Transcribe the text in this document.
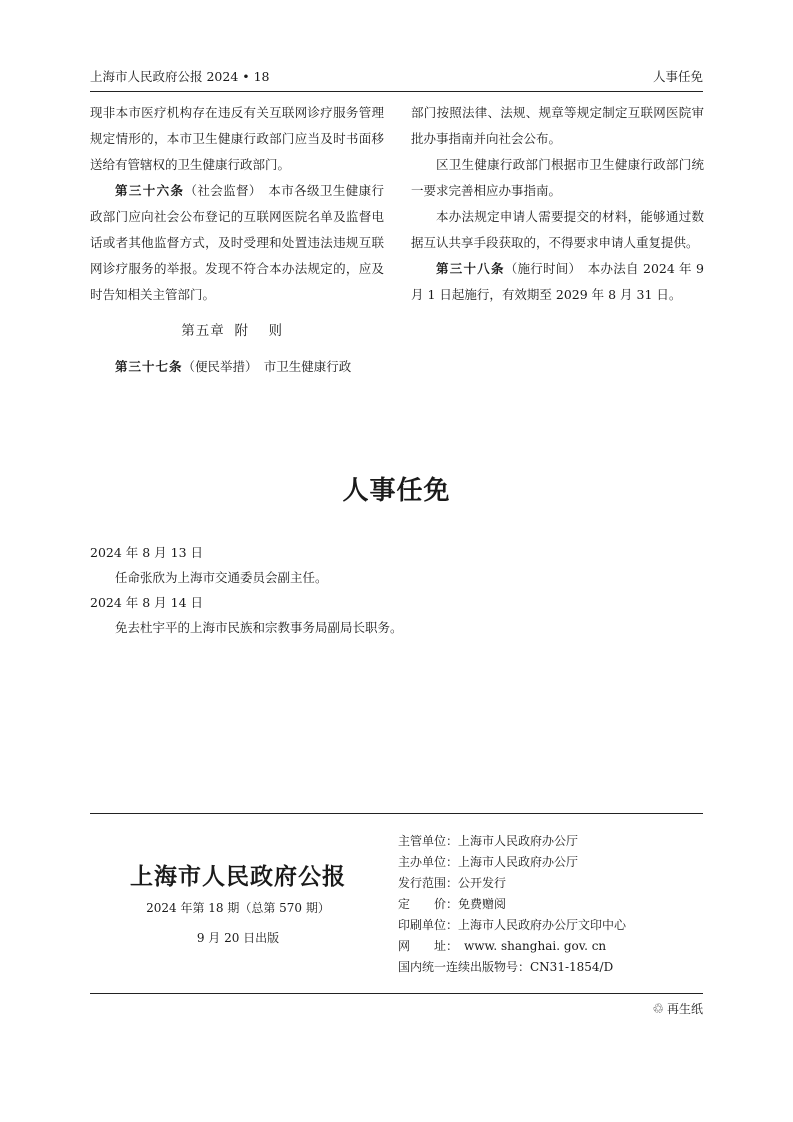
上海市人民政府公报 2024 • 18	人事任免

现非本市医疗机构存在违反有关互联网诊疗服务管理规定情形的，本市卫生健康行政部门应当及时书面移送给有管辖权的卫生健康行政部门。

第三十六条（社会监督）　 本市各级卫生健康行政部门应向社会公布登记的互联网医院名单及监督电话或者其他监督方式，及时受理和处置违法违规互联网诊疗服务的举报。发现不符合本办法规定的，应及时告知相关主管部门。

第五章 附 则

第三十七条（便民举措）　 市卫生健康行政

部门按照法律、法规、规章等规定制定互联网医院审批办事指南并向社会公布。

区卫生健康行政部门根据市卫生健康行政部门统一要求完善相应办事指南。

本办法规定申请人需要提交的材料，能够通过数据互认共享手段获取的，不得要求申请人重复提供。

第三十八条（施行时间）　 本办法自 2024 年 9 月 1 日起施行，有效期至 2029 年 8 月 31 日。

人事任免

2024 年 8 月 13 日

任命张欣为上海市交通委员会副主任。

2024 年 8 月 14 日

免去杜宇平的上海市民族和宗教事务局副局长职务。

上海市人民政府公报
2024 年第 18 期（总第 570 期）
9 月 20 日出版
主管单位：上海市人民政府办公厅
主办单位：上海市人民政府办公厅
发行范围：公开发行
定　　价：免费赠阅
印刷单位：上海市人民政府办公厅文印中心
网　　址：　www. shanghai. gov. cn
国内统一连续出版物号：CN31-1854/D
♲ 再生纸
